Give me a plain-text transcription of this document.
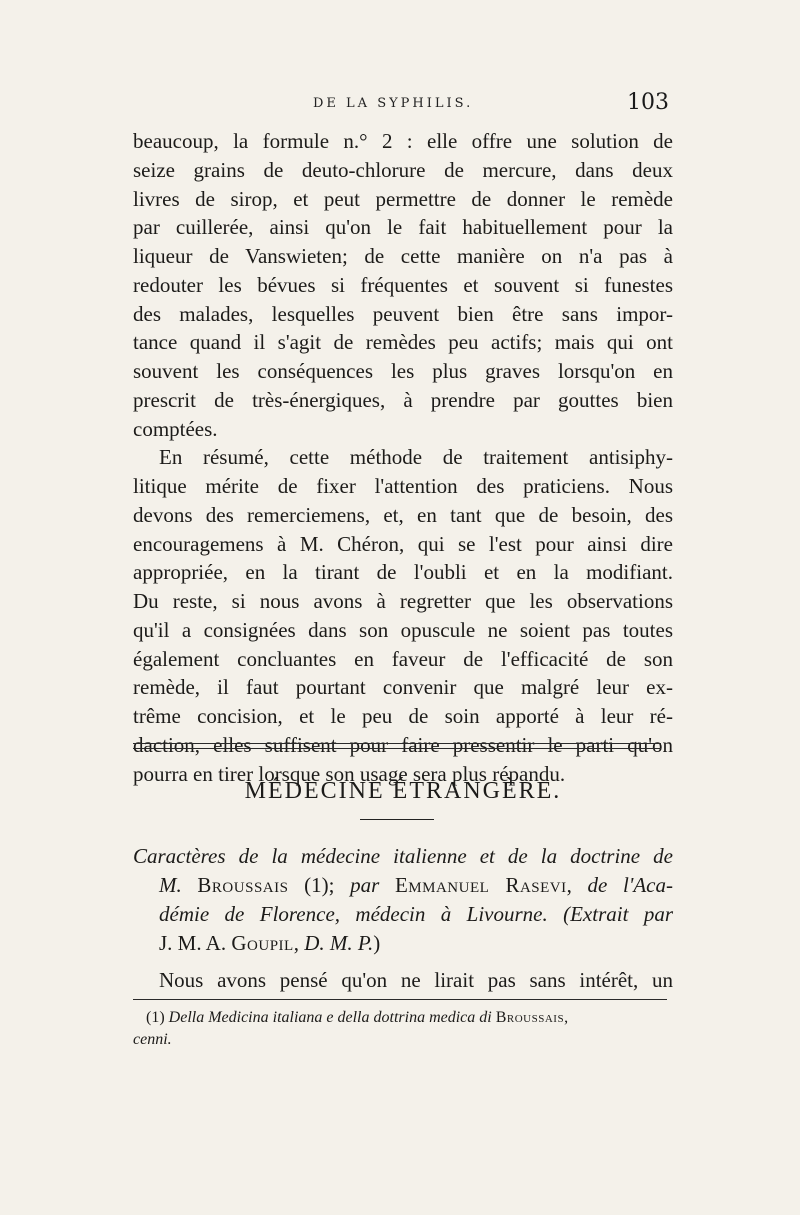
DE LA SYPHILIS.	103
beaucoup, la formule n.° 2 : elle offre une solution de
seize grains de deuto-chlorure de mercure, dans deux
livres de sirop, et peut permettre de donner le remède
par cuillerée, ainsi qu'on le fait habituellement pour la
liqueur de Vanswieten; de cette manière on n'a pas à
redouter les bévues si fréquentes et souvent si funestes
des malades, lesquelles peuvent bien être sans impor-
tance quand il s'agit de remèdes peu actifs; mais qui ont
souvent les conséquences les plus graves lorsqu'on en
prescrit de très-énergiques, à prendre par gouttes bien
comptées.
En résumé, cette méthode de traitement antisiphy-
litique mérite de fixer l'attention des praticiens. Nous
devons des remerciemens, et, en tant que de besoin, des
encouragemens à M. Chéron, qui se l'est pour ainsi dire
appropriée, en la tirant de l'oubli et en la modifiant.
Du reste, si nous avons à regretter que les observations
qu'il a consignées dans son opuscule ne soient pas toutes
également concluantes en faveur de l'efficacité de son
remède, il faut pourtant convenir que malgré leur ex-
trême concision, et le peu de soin apporté à leur ré-
daction, elles suffisent pour faire pressentir le parti qu'on
pourra en tirer lorsque son usage sera plus répandu.
MÉDECINE ÉTRANGÈRE.
Caractères de la médecine italienne et de la doctrine de
M. Broussais (1); par Emmanuel Rasevi, de l'Aca-
démie de Florence, médecin à Livourne. (Extrait par
J. M. A. Goupil, D. M. P.)
Nous avons pensé qu'on ne lirait pas sans intérêt, un
(1) Della Medicina italiana e della dottrina medica di Broussais,
cenni.
